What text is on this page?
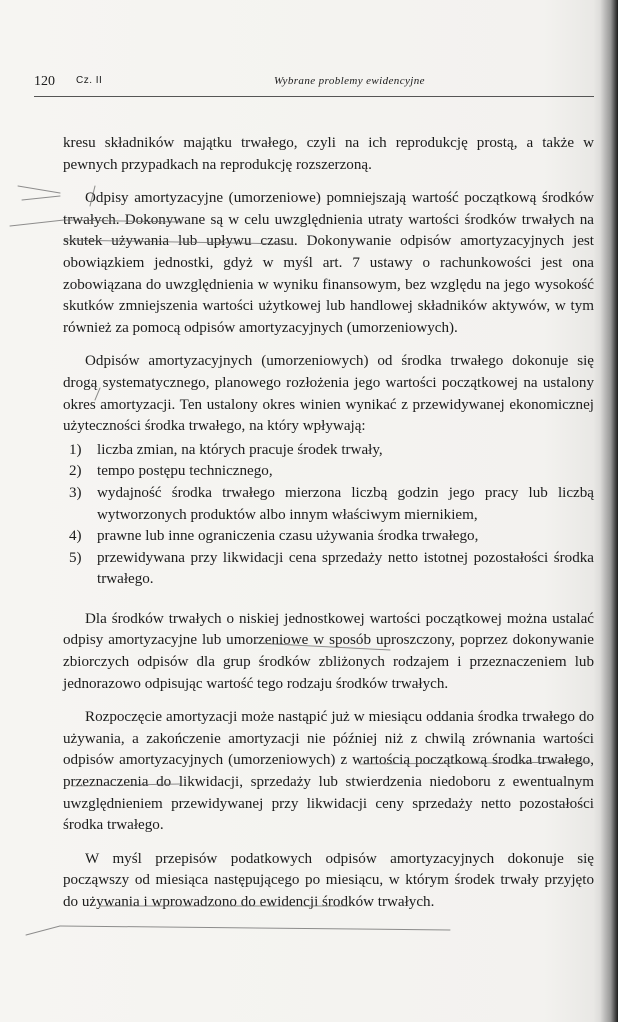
120 Cz. II	Wybrane problemy ewidencyjne

kresu składników majątku trwałego, czyli na ich reprodukcję prostą, a także w pewnych przypadkach na reprodukcję rozszerzoną.

Odpisy amortyzacyjne (umorzeniowe) pomniejszają wartość początkową środków trwałych. Dokonywane są w celu uwzględnienia utraty wartości środków trwałych na skutek używania lub upływu czasu. Dokonywanie odpisów amortyzacyjnych jest obowiązkiem jednostki, gdyż w myśl art. 7 ustawy o rachunkowości jest ona zobowiązana do uwzględnienia w wyniku finansowym, bez względu na jego wysokość skutków zmniejszenia wartości użytkowej lub handlowej składników aktywów, w tym również za pomocą odpisów amortyzacyjnych (umorzeniowych).

Odpisów amortyzacyjnych (umorzeniowych) od środka trwałego dokonuje się drogą systematycznego, planowego rozłożenia jego wartości początkowej na ustalony okres amortyzacji. Ten ustalony okres winien wynikać z przewidywanej ekonomicznej użyteczności środka trwałego, na który wpływają:

1) liczba zmian, na których pracuje środek trwały,
2) tempo postępu technicznego,
3) wydajność środka trwałego mierzona liczbą godzin jego pracy lub liczbą wytworzonych produktów albo innym właściwym miernikiem,
4) prawne lub inne ograniczenia czasu używania środka trwałego,
5) przewidywana przy likwidacji cena sprzedaży netto istotnej pozostałości środka trwałego.

Dla środków trwałych o niskiej jednostkowej wartości początkowej można ustalać odpisy amortyzacyjne lub umorzeniowe w sposób uproszczony, poprzez dokonywanie zbiorczych odpisów dla grup środków zbliżonych rodzajem i przeznaczeniem lub jednorazowo odpisując wartość tego rodzaju środków trwałych.

Rozpoczęcie amortyzacji może nastąpić już w miesiącu oddania środka trwałego do używania, a zakończenie amortyzacji nie później niż z chwilą zrównania wartości odpisów amortyzacyjnych (umorzeniowych) z wartością początkową środka trwałego, przeznaczenia do likwidacji, sprzedaży lub stwierdzenia niedoboru z ewentualnym uwzględnieniem przewidywanej przy likwidacji ceny sprzedaży netto pozostałości środka trwałego.

W myśl przepisów podatkowych odpisów amortyzacyjnych dokonuje się począwszy od miesiąca następującego po miesiącu, w którym środek trwały przyjęto do używania i wprowadzono do ewidencji środków trwałych.
